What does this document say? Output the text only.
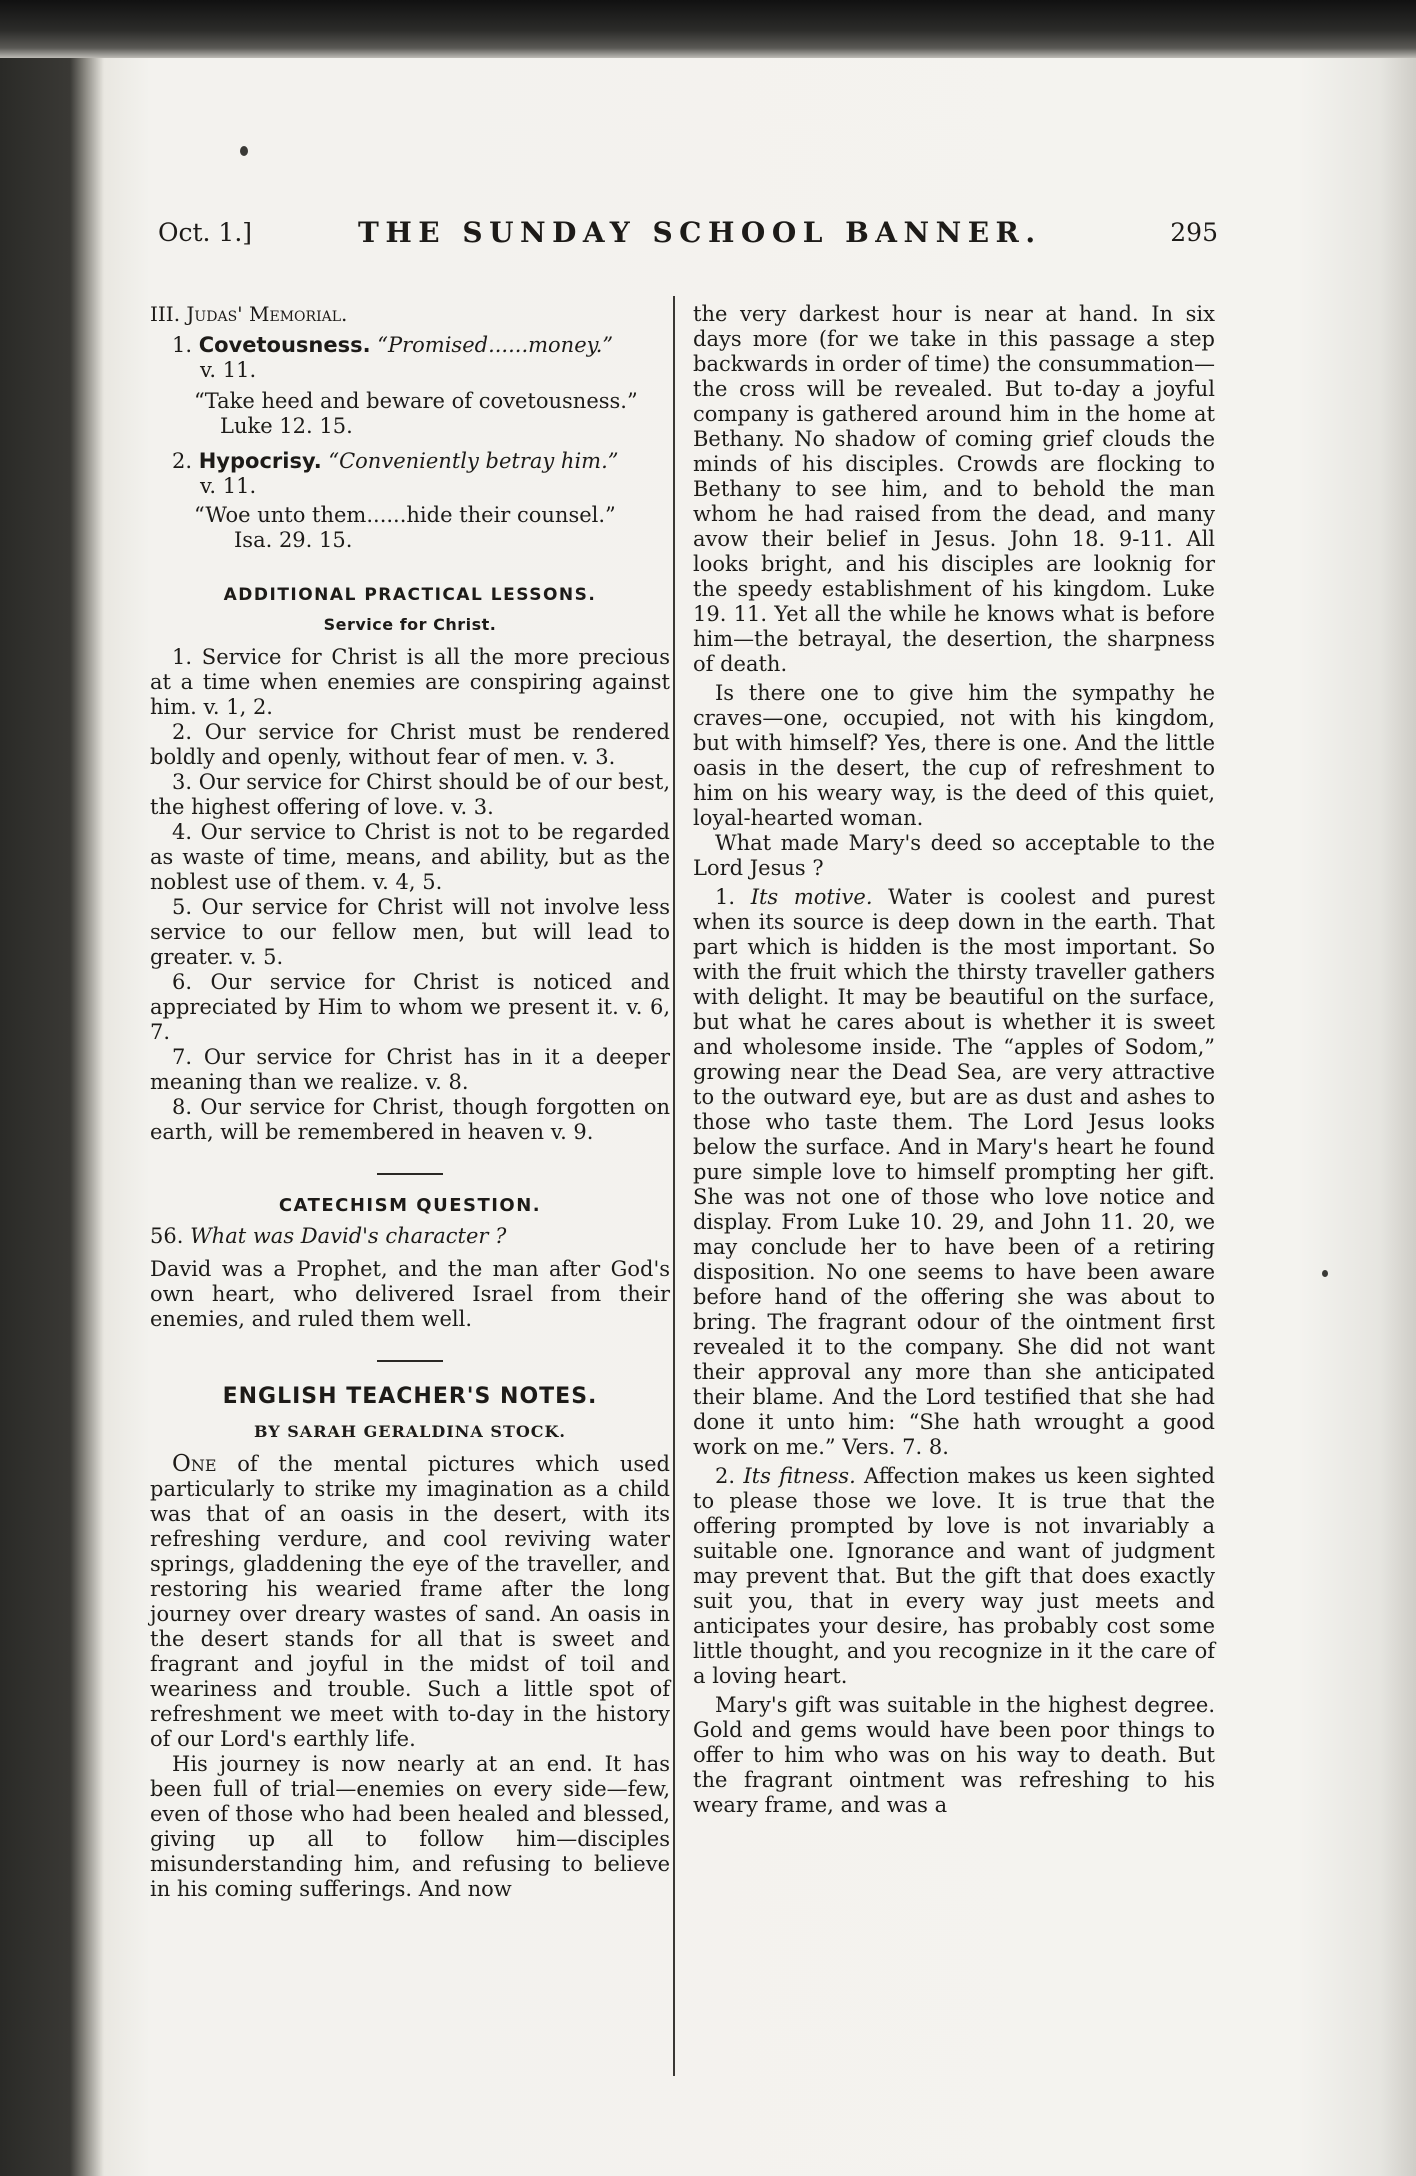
Oct. 1.]	THE SUNDAY SCHOOL BANNER.	295

III. Judas' Memorial.

1. Covetousness. “Promised......money.”

v. 11.

“Take heed and beware of covetousness.”

Luke 12. 15.

2. Hypocrisy. “Conveniently betray him.”

v. 11.

“Woe unto them......hide their counsel.”

Isa. 29. 15.

ADDITIONAL PRACTICAL LESSONS.

Service for Christ.

1. Service for Christ is all the more precious at a time when enemies are conspiring against him. v. 1, 2.

2. Our service for Christ must be rendered boldly and openly, without fear of men. v. 3.

3. Our service for Chirst should be of our best, the highest offering of love. v. 3.

4. Our service to Christ is not to be regarded as waste of time, means, and ability, but as the noblest use of them. v. 4, 5.

5. Our service for Christ will not involve less service to our fellow men, but will lead to greater. v. 5.

6. Our service for Christ is noticed and appreciated by Him to whom we present it. v. 6, 7.

7. Our service for Christ has in it a deeper meaning than we realize. v. 8.

8. Our service for Christ, though forgotten on earth, will be remembered in heaven v. 9.

CATECHISM QUESTION.

56. What was David's character ?

David was a Prophet, and the man after God's own heart, who delivered Israel from their enemies, and ruled them well.

ENGLISH TEACHER'S NOTES.

BY SARAH GERALDINA STOCK.

One of the mental pictures which used particularly to strike my imagination as a child was that of an oasis in the desert, with its refreshing verdure, and cool reviving water springs, gladdening the eye of the traveller, and restoring his wearied frame after the long journey over dreary wastes of sand. An oasis in the desert stands for all that is sweet and fragrant and joyful in the midst of toil and weariness and trouble. Such a little spot of refreshment we meet with to-day in the history of our Lord's earthly life.

His journey is now nearly at an end. It has been full of trial—enemies on every side—few, even of those who had been healed and blessed, giving up all to follow him—disciples misunderstanding him, and refusing to believe in his coming sufferings. And now

the very darkest hour is near at hand. In six days more (for we take in this passage a step backwards in order of time) the consummation—the cross will be revealed. But to-day a joyful company is gathered around him in the home at Bethany. No shadow of coming grief clouds the minds of his disciples. Crowds are flocking to Bethany to see him, and to behold the man whom he had raised from the dead, and many avow their belief in Jesus. John 18. 9-11. All looks bright, and his disciples are looknig for the speedy establishment of his kingdom. Luke 19. 11. Yet all the while he knows what is before him—the betrayal, the desertion, the sharpness of death.

Is there one to give him the sympathy he craves—one, occupied, not with his kingdom, but with himself? Yes, there is one. And the little oasis in the desert, the cup of refreshment to him on his weary way, is the deed of this quiet, loyal-hearted woman.

What made Mary's deed so acceptable to the Lord Jesus ?

1. Its motive. Water is coolest and purest when its source is deep down in the earth. That part which is hidden is the most important. So with the fruit which the thirsty traveller gathers with delight. It may be beautiful on the surface, but what he cares about is whether it is sweet and wholesome inside. The “apples of Sodom,” growing near the Dead Sea, are very attractive to the outward eye, but are as dust and ashes to those who taste them. The Lord Jesus looks below the surface. And in Mary's heart he found pure simple love to himself prompting her gift. She was not one of those who love notice and display. From Luke 10. 29, and John 11. 20, we may conclude her to have been of a retiring disposition. No one seems to have been aware before hand of the offering she was about to bring. The fragrant odour of the ointment first revealed it to the company. She did not want their approval any more than she anticipated their blame. And the Lord testified that she had done it unto him: “She hath wrought a good work on me.” Vers. 7. 8.

2. Its fitness. Affection makes us keen sighted to please those we love. It is true that the offering prompted by love is not invariably a suitable one. Ignorance and want of judgment may prevent that. But the gift that does exactly suit you, that in every way just meets and anticipates your desire, has probably cost some little thought, and you recognize in it the care of a loving heart.

Mary's gift was suitable in the highest degree. Gold and gems would have been poor things to offer to him who was on his way to death. But the fragrant ointment was refreshing to his weary frame, and was a
